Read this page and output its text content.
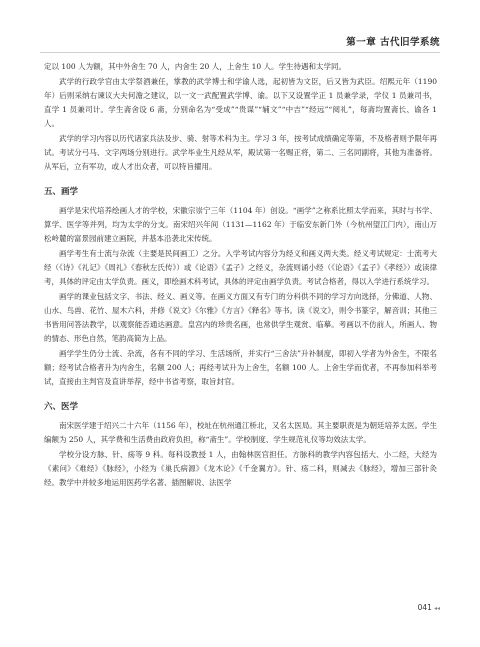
第一章 古代旧学系统

定以 100 人为额，其中外舍生 70 人，内舍生 20 人，上舍生 10 人。学生待遇和太学同。

武学的行政学官由太学祭酒兼任，掌教的武学博士和学谕人选，起初皆为文臣，后又皆为武臣。绍熙元年（1190 年）后则采纳右谏议大夫何澹之建议，以一文一武配置武学博、谕。以下又设置学正 1 员兼学录，学仪 1 员兼司书，直学 1 员兼司计。学生斋舍设 6 斋，分别命名为“受成”“贵谋”“辅文”“中吉”“经远”“阅礼”，每斋均置斋长、谕各 1 人。

武学的学习内容以历代诸家兵法及步、骑、射等术科为主。学习 3 年，按考试成绩确定等第，不及格者则予限年再试。考试分弓马、文字两场分别进行。武学毕业生凡经从军，殿试第一名赐正将，第二、三名同副将，其他为准备将。从军后，立有军功，或人才出众者，可以特旨擢用。

五、画学

画学是宋代培养绘画人才的学校，宋徽宗崇宁三年（1104 年）创设。“画学”之称系比照太学而来，其时与书学、算学、医学等并列，均为太学的分支。南宋绍兴年间（1131—1162 年）于临安东新门外（今杭州望江门内），南山万松岭麓的富景园前建立画院，并基本沿袭北宋传统。

画学考生有士流与杂流（主要是民间画工）之分。入学考试内容分为经义和画义两大类。经义考试规定：士流考大经（《诗》《礼记》《周礼》《春秋左氏传》）或《论语》《孟子》之经义，杂流则诵小经（《论语》《孟子》《孝经》）或读律考，具体的评定由太学负责。画义，即绘画术科考试，具体的评定由画学负责。考试合格者，得以入学进行系统学习。

画学的课业包括文字、书法、经义、画义等。在画义方面又有专门的分科供不同的学习方向选择，分佛道、人物、山水、鸟兽、花竹、屋木六科，并修《说文》《尔雅》《方言》《释名》等书。读《说文》，则令书篆字，解音训；其他三书皆用问答法教学，以观察能否通达画意。皇宫内的珍贵名画，也常供学生观赏、临摹。考画以不仿前人，所画人、物的情态、形色自然，笔韵高简为上品。

画学学生仍分士流、杂流，各有不同的学习、生活场所，并实行“三舍法”升补制度，即初入学者为外舍生，不限名额；经考试合格者升为内舍生，名额 200 人；再经考试升为上舍生，名额 100 人。上舍生学而优者，不再参加科举考试，直接由主判官及直讲举荐，经中书省考察，取旨封官。

六、医学

南宋医学建于绍兴二十六年（1156 年），校址在杭州通江桥北，又名太医局。其主要职责是为朝廷培养太医。学生编额为 250 人，其学费和生活费由政府负担，称“斋生”。学校制度、学生规范礼仪等均效法太学。

学校分设方脉、针、疡等 9 科。每科设教授 1 人，由翰林医官担任。方脉科的教学内容包括大、小二经，大经为《素问》《难经》《脉经》，小经为《巢氏病源》《龙木论》《千金翼方》。针、疡二科，则减去《脉经》，增加三部针灸经。教学中并较多地运用医药学名著、插图解说、法医学

041 ◂◂
